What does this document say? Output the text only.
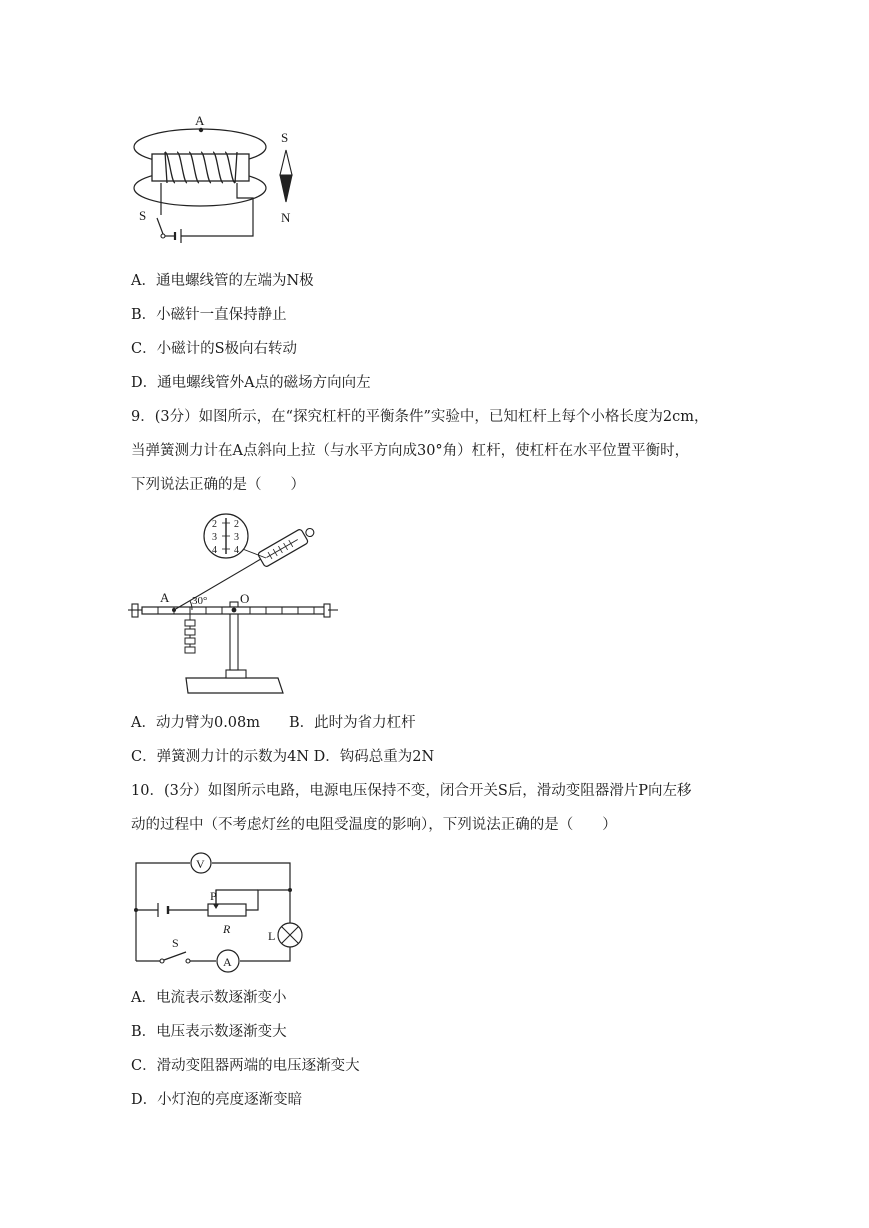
A
S
S
N
A．通电螺线管的左端为N极
B．小磁针一直保持静止
C．小磁计的S极向右转动
D．通电螺线管外A点的磁场方向向左
9．(3分）如图所示，在“探究杠杆的平衡条件”实验中，已知杠杆上每个小格长度为2cm，
当弹簧测力计在A点斜向上拉（与水平方向成30°角）杠杆，使杠杆在水平位置平衡时，
下列说法正确的是（　　）
O
A 30°
2
3
4
2
3
4
A．动力臂为0.08m　　B．此时为省力杠杆
C．弹簧测力计的示数为4N D．钩码总重为2N
10．(3分）如图所示电路，电源电压保持不变，闭合开关S后，滑动变阻器滑片P向左移
动的过程中（不考虑灯丝的电阻受温度的影响），下列说法正确的是（　　）
V
P
R	L
S
A
A．电流表示数逐渐变小
B．电压表示数逐渐变大
C．滑动变阻器两端的电压逐渐变大
D．小灯泡的亮度逐渐变暗
